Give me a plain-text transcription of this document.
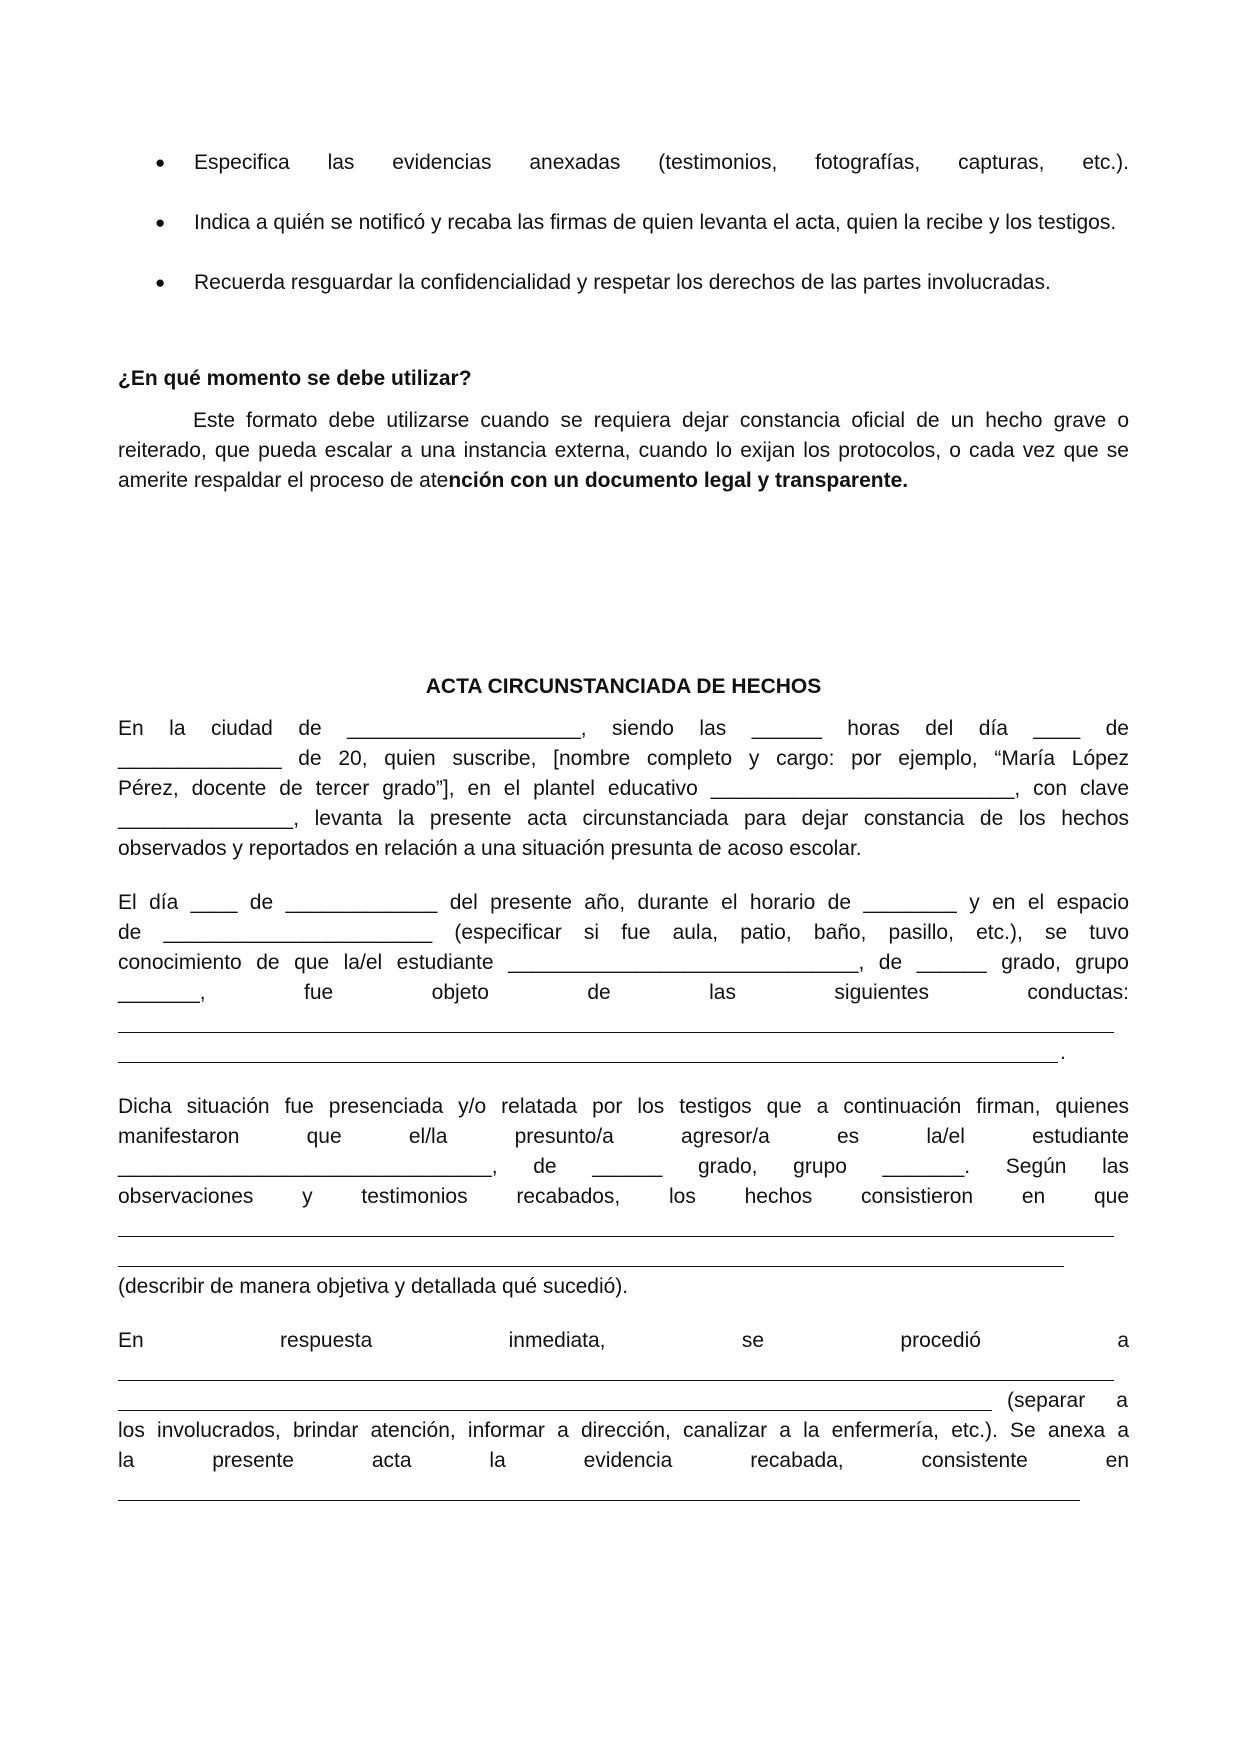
● Especifica las evidencias anexadas (testimonios, fotografías, capturas, etc.).
● Indica a quién se notificó y recaba las firmas de quien levanta el acta, quien la recibe y los testigos.
● Recuerda resguardar la confidencialidad y respetar los derechos de las partes involucradas.
¿En qué momento se debe utilizar?

Este formato debe utilizarse cuando se requiera dejar constancia oficial de un hecho grave o reiterado, que pueda escalar a una instancia externa, cuando lo exijan los protocolos, o cada vez que se amerite respaldar el proceso de atención con un documento legal y transparente.

ACTA CIRCUNSTANCIADA DE HECHOS
En la ciudad de ____________________, siendo las ______ horas del día ____ de
______________ de 20, quien suscribe, [nombre completo y cargo: por ejemplo, “María López
Pérez, docente de tercer grado”], en el plantel educativo __________________________, con clave
_______________, levanta la presente acta circunstanciada para dejar constancia de los hechos
observados y reportados en relación a una situación presunta de acoso escolar.
El día ____ de _____________ del presente año, durante el horario de ________ y en el espacio
de _______________________ (especificar si fue aula, patio, baño, pasillo, etc.), se tuvo
conocimiento de que la/el estudiante ______________________________, de ______ grado, grupo
_______, fue objeto de las siguientes conductas:
.
Dicha situación fue presenciada y/o relatada por los testigos que a continuación firman, quienes
manifestaron que el/la presunto/a agresor/a es la/el estudiante
________________________________, de ______ grado, grupo _______. Según las
observaciones y testimonios recabados, los hechos consistieron en que
(describir de manera objetiva y detallada qué sucedió).
En respuesta inmediata, se procedió a
(separar a
los involucrados, brindar atención, informar a dirección, canalizar a la enfermería, etc.). Se anexa a
la presente acta la evidencia recabada, consistente en
